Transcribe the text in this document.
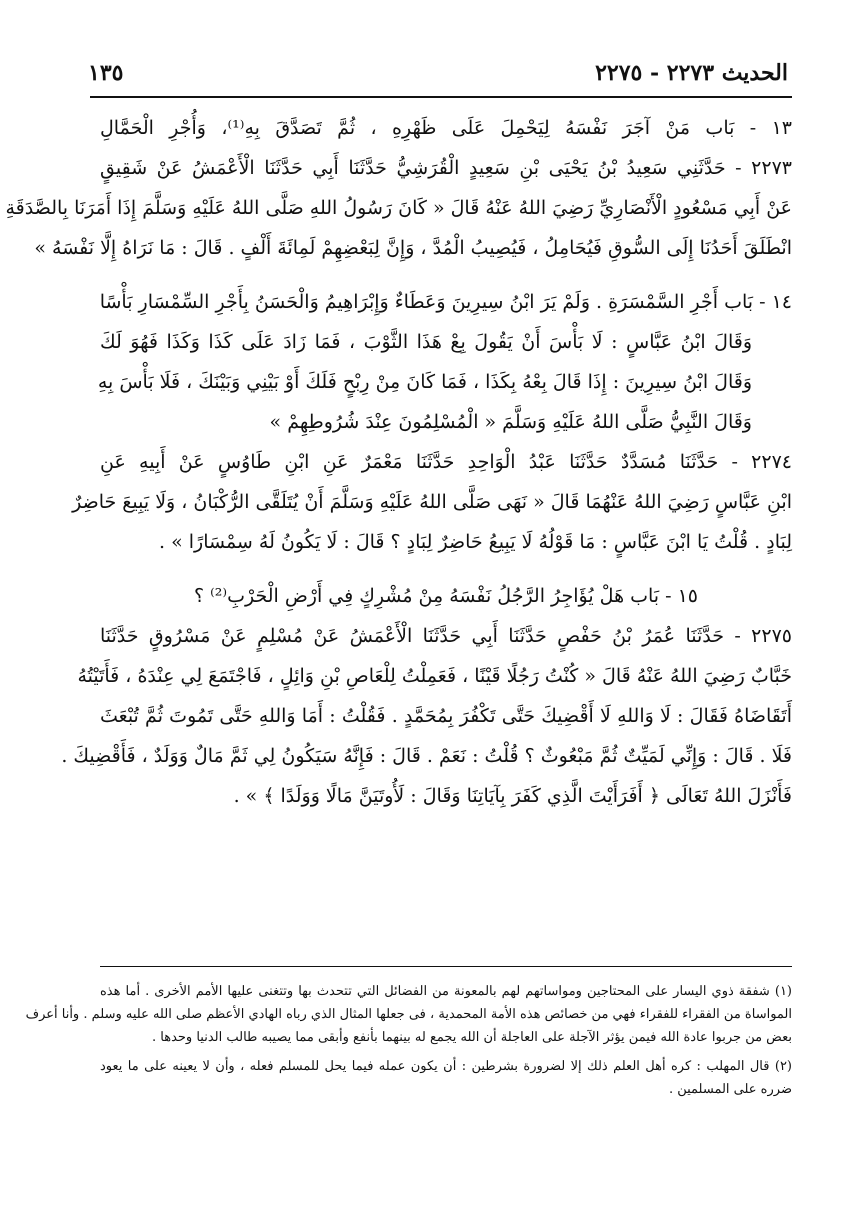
الحديث ٢٢٧٣ - ٢٢٧٥
١٣٥
١٣ - بَاب مَنْ آجَرَ نَفْسَهُ لِيَحْمِلَ عَلَى ظَهْرِهِ ، ثُمَّ تَصَدَّقَ بِهِ⁽¹⁾، وَأُجْرِ الْحَمَّالِ
٢٢٧٣ - حَدَّثَنِي سَعِيدُ بْنُ يَحْيَى بْنِ سَعِيدٍ الْقُرَشِيُّ حَدَّثَنَا أَبِي حَدَّثَنَا الْأَعْمَشُ عَنْ شَقِيقٍ
عَنْ أَبِي مَسْعُودٍ الْأَنْصَارِيِّ رَضِيَ اللهُ عَنْهُ قَالَ « كَانَ رَسُولُ اللهِ صَلَّى اللهُ عَلَيْهِ وَسَلَّمَ إِذَا أَمَرَنَا بِالصَّدَقَةِ
انْطَلَقَ أَحَدُنَا إِلَى السُّوقِ فَيُحَامِلُ ، فَيُصِيبُ الْمُدَّ ، وَإِنَّ لِبَعْضِهِمْ لَمِائَةَ أَلْفٍ . قَالَ : مَا نَرَاهُ إِلَّا نَفْسَهُ »
١٤ - بَاب أَجْرِ السَّمْسَرَةِ . وَلَمْ يَرَ ابْنُ سِيرِينَ وَعَطَاءٌ وَإِبْرَاهِيمُ وَالْحَسَنُ بِأَجْرِ السِّمْسَارِ بَأْسًا
وَقَالَ ابْنُ عَبَّاسٍ : لَا بَأْسَ أَنْ يَقُولَ بِعْ هَذَا الثَّوْبَ ، فَمَا زَادَ عَلَى كَذَا وَكَذَا فَهُوَ لَكَ
وَقَالَ ابْنُ سِيرِينَ : إِذَا قَالَ بِعْهُ بِكَذَا ، فَمَا كَانَ مِنْ رِبْحٍ فَلَكَ أَوْ بَيْنِي وَبَيْنَكَ ، فَلَا بَأْسَ بِهِ
وَقَالَ النَّبِيُّ صَلَّى اللهُ عَلَيْهِ وَسَلَّمَ « الْمُسْلِمُونَ عِنْدَ شُرُوطِهِمْ »
٢٢٧٤ - حَدَّثَنَا مُسَدَّدٌ حَدَّثَنَا عَبْدُ الْوَاحِدِ حَدَّثَنَا مَعْمَرٌ عَنِ ابْنِ طَاوُسٍ عَنْ أَبِيهِ عَنِ
ابْنِ عَبَّاسٍ رَضِيَ اللهُ عَنْهُمَا قَالَ « نَهَى صَلَّى اللهُ عَلَيْهِ وَسَلَّمَ أَنْ يُتَلَقَّى الرُّكْبَانُ ، وَلَا يَبِيعَ حَاضِرٌ
لِبَادٍ . قُلْتُ يَا ابْنَ عَبَّاسٍ : مَا قَوْلُهُ لَا يَبِيعُ حَاضِرٌ لِبَادٍ ؟ قَالَ : لَا يَكُونُ لَهُ سِمْسَارًا » .
١٥ - بَاب هَلْ يُؤَاجِرُ الرَّجُلُ نَفْسَهُ مِنْ مُشْرِكٍ فِي أَرْضِ الْحَرْبِ⁽²⁾ ؟
٢٢٧٥ - حَدَّثَنَا عُمَرُ بْنُ حَفْصٍ حَدَّثَنَا أَبِي حَدَّثَنَا الْأَعْمَشُ عَنْ مُسْلِمٍ عَنْ مَسْرُوقٍ حَدَّثَنَا
خَبَّابٌ رَضِيَ اللهُ عَنْهُ قَالَ « كُنْتُ رَجُلًا قَيْنًا ، فَعَمِلْتُ لِلْعَاصِ بْنِ وَائِلٍ ، فَاجْتَمَعَ لِي عِنْدَهُ ، فَأَتَيْتُهُ
أَتَقَاضَاهُ فَقَالَ : لَا وَاللهِ لَا أَقْضِيكَ حَتَّى تَكْفُرَ بِمُحَمَّدٍ . فَقُلْتُ : أَمَا وَاللهِ حَتَّى تَمُوتَ ثُمَّ تُبْعَثَ
فَلَا . قَالَ : وَإِنِّي لَمَيِّتٌ ثُمَّ مَبْعُوثٌ ؟ قُلْتُ : نَعَمْ . قَالَ : فَإِنَّهُ سَيَكُونُ لِي ثَمَّ مَالٌ وَوَلَدٌ ، فَأَقْضِيكَ .
فَأَنْزَلَ اللهُ تَعَالَى ﴿ أَفَرَأَيْتَ الَّذِي كَفَرَ بِآيَاتِنَا وَقَالَ : لَأُوتَيَنَّ مَالًا وَوَلَدًا ﴾ » .
(١) شفقة ذوي اليسار على المحتاجين ومواساتهم لهم بالمعونة من الفضائل التي تتحدث بها وتتغنى عليها الأمم الأخرى . أما هذه
المواساة من الفقراء للفقراء فهي من خصائص هذه الأمة المحمدية ، فى جعلها المثال الذي رباه الهادي الأعظم صلى الله عليه وسلم . وأنا أعرف
بعض من جربوا عادة الله فيمن يؤثر الآجلة على العاجلة أن الله يجمع له بينهما بأنفع وأبقى مما يصيبه طالب الدنيا وحدها .
(٢) قال المهلب : كره أهل العلم ذلك إلا لضرورة بشرطين : أن يكون عمله فيما يحل للمسلم فعله ، وأن لا يعينه على ما يعود
ضرره على المسلمين .
